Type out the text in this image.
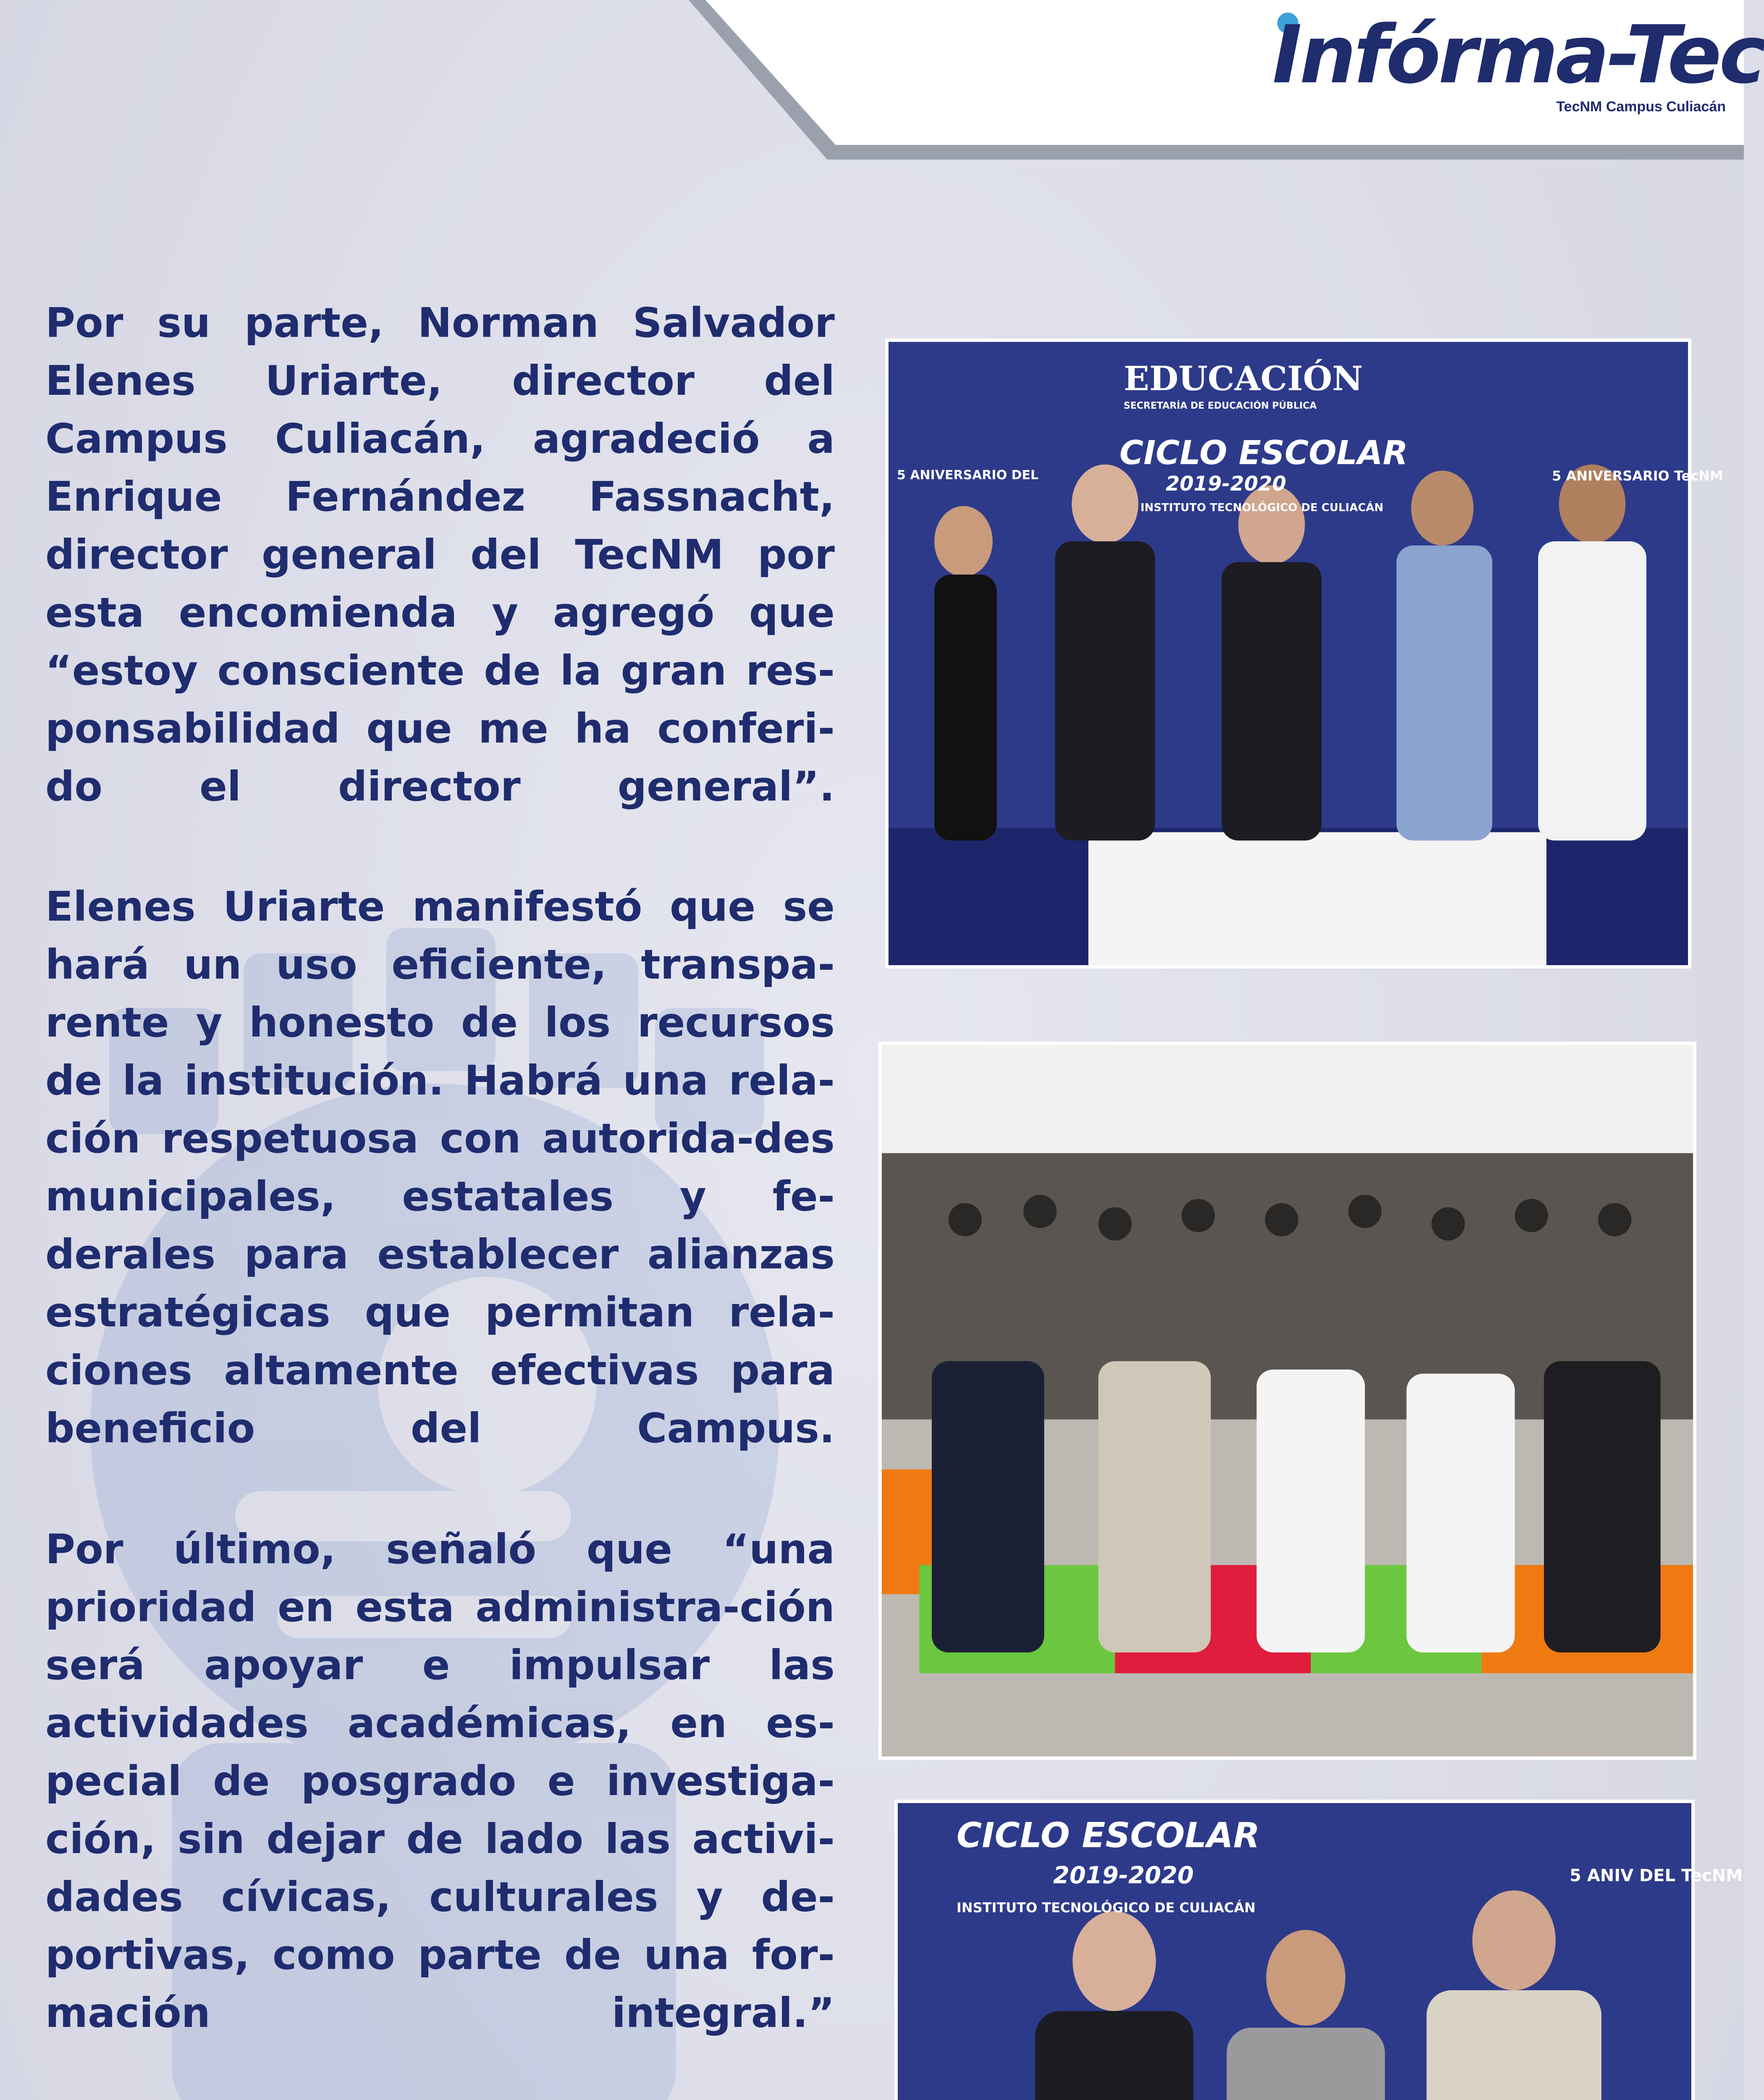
Infórma-Tec
TecNM Campus Culiacán

Por su parte, Norman Salvador Elenes Uriarte, director del Campus Culiacán, agradeció a Enrique Fernández Fassnacht, director general del TecNM por esta encomienda y agregó que “estoy consciente de la gran res-ponsabilidad que me ha conferi-do el director general”.

Elenes Uriarte manifestó que se hará un uso eficiente, transpa-rente y honesto de los recursos de la institución. Habrá una rela-ción respetuosa con autorida-des municipales, estatales y fe-derales para establecer alianzas estratégicas que permitan rela-ciones altamente efectivas para beneficio del Campus.

Por último, señaló que “una prioridad en esta administra-ción será apoyar e impulsar las actividades académicas, en es-pecial de posgrado e investiga-ción, sin dejar de lado las activi-dades cívicas, culturales y de-portivas, como parte de una for-mación integral.”

EDUCACIÓN
SECRETARÍA DE EDUCACIÓN PÚBLICA
CICLO ESCOLAR
2019-2020
INSTITUTO TECNOLÓGICO DE CULIACÁN
5 ANIVERSARIO DEL	5 ANIVERSARIO TecNM
CICLO ESCOLAR
2019-2020
INSTITUTO TECNOLÓGICO DE CULIACÁN
5 ANIV DEL TecNM
